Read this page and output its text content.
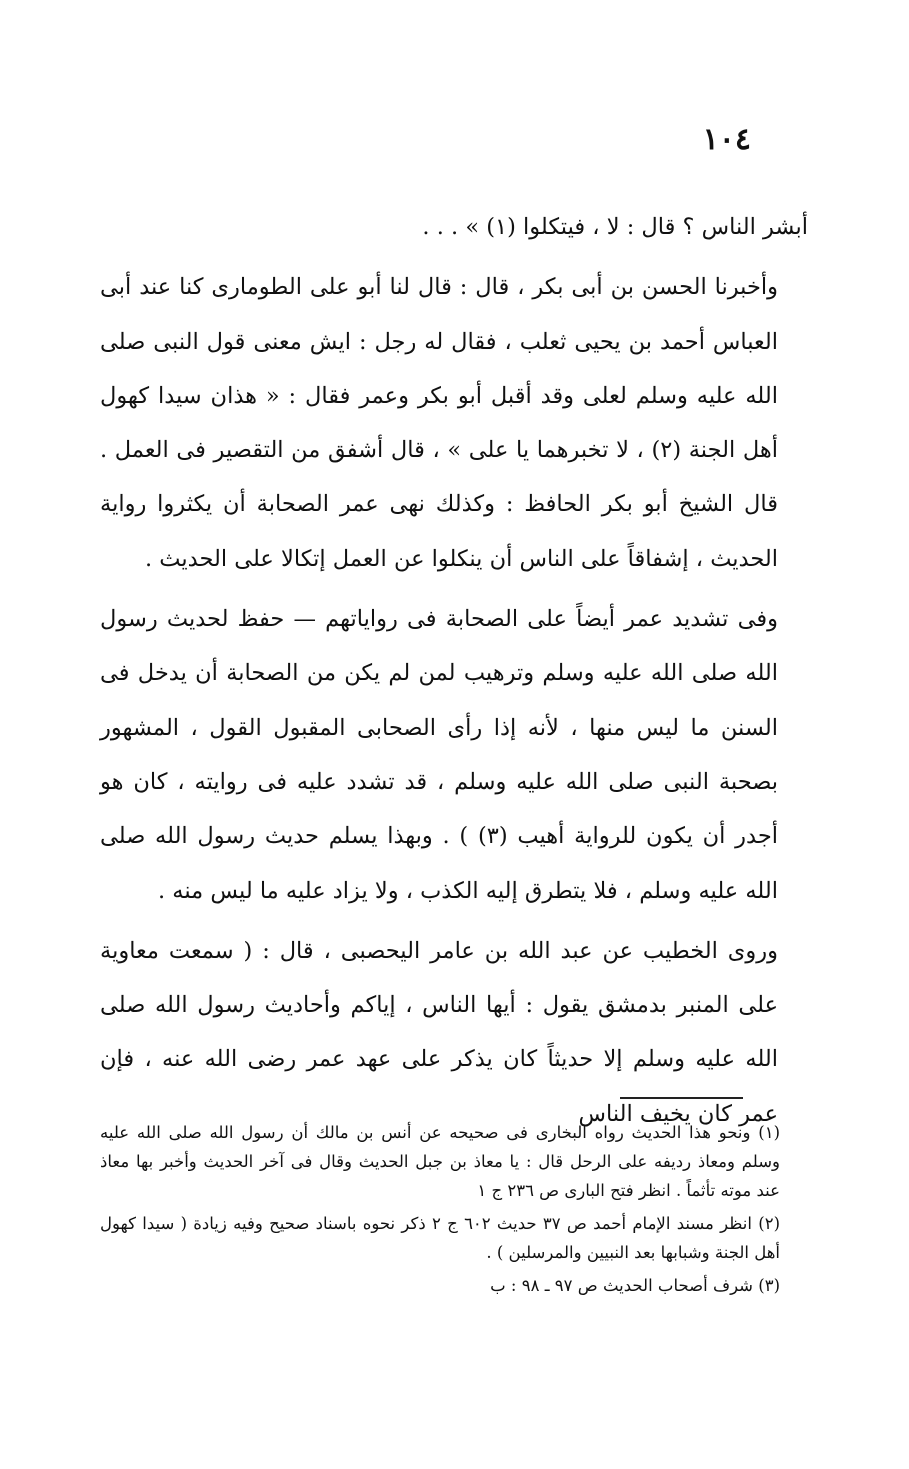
١٠٤

أبشر الناس ؟ قال : لا ، فيتكلوا (١) » . . .

وأخبرنا الحسن بن أبى بكر ، قال : قال لنا أبو على الطومارى كنا عند أبى العباس أحمد بن يحيى ثعلب ، فقال له رجل : ايش معنى قول النبى صلى الله عليه وسلم لعلى وقد أقبل أبو بكر وعمر فقال : « هذان سيدا كهول أهل الجنة (٢) ، لا تخبرهما يا على » ، قال أشفق من التقصير فى العمل . قال الشيخ أبو بكر الحافظ : وكذلك نهى عمر الصحابة أن يكثروا رواية الحديث ، إشفاقاً على الناس أن ينكلوا عن العمل إتكالا على الحديث .

وفى تشديد عمر أيضاً على الصحابة فى رواياتهم — حفظ لحديث رسول الله صلى الله عليه وسلم وترهيب لمن لم يكن من الصحابة أن يدخل فى السنن ما ليس منها ، لأنه إذا رأى الصحابى المقبول القول ، المشهور بصحبة النبى صلى الله عليه وسلم ، قد تشدد عليه فى روايته ، كان هو أجدر أن يكون للرواية أهيب (٣) ) . وبهذا يسلم حديث رسول الله صلى الله عليه وسلم ، فلا يتطرق إليه الكذب ، ولا يزاد عليه ما ليس منه .

وروى الخطيب عن عبد الله بن عامر اليحصبى ، قال : ( سمعت معاوية على المنبر بدمشق يقول : أيها الناس ، إياكم وأحاديث رسول الله صلى الله عليه وسلم إلا حديثاً كان يذكر على عهد عمر رضى الله عنه ، فإن عمر كان يخيف الناس

(١) ونحو هذا الحديث رواه البخارى فى صحيحه عن أنس بن مالك أن رسول الله صلى الله عليه وسلم ومعاذ رديفه على الرحل قال : يا معاذ بن جبل الحديث وقال فى آخر الحديث وأخبر بها معاذ عند موته تأثماً . انظر فتح البارى ص ٢٣٦ ج ١

(٢) انظر مسند الإمام أحمد ص ٣٧ حديث ٦٠٢ ج ٢ ذكر نحوه باسناد صحيح وفيه زيادة ( سيدا كهول أهل الجنة وشبابها بعد النبيين والمرسلين ) .

(٣) شرف أصحاب الحديث ص ٩٧ ـ ٩٨ : ب
